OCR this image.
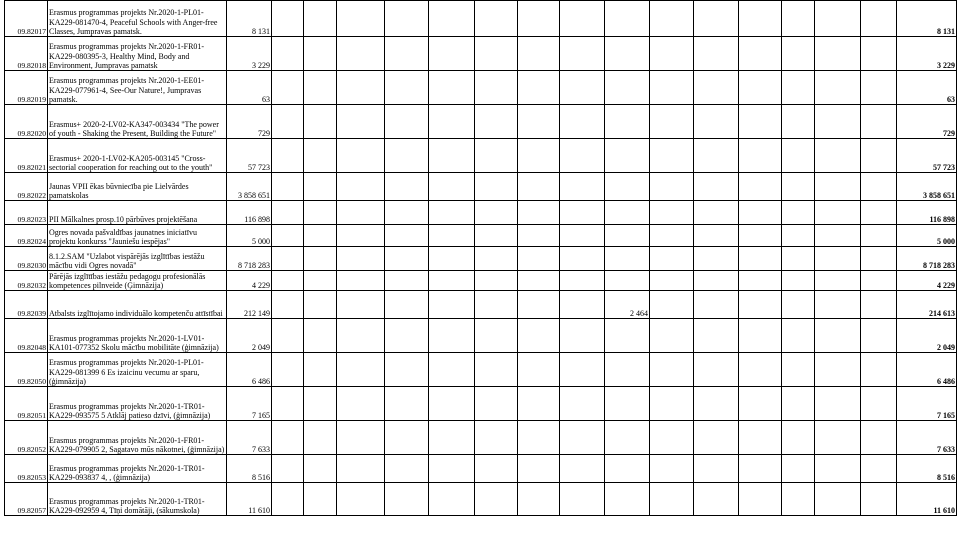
09.82017	Erasmus programmas projekts Nr.2020-1-PL01-KA229-081470-4, Peaceful Schools with Anger-free Classes, Jumpravas pamatsk.	8 131																8 131
09.82018	Erasmus programmas projekts Nr.2020-1-FR01-KA229-080395-3, Healthy Mind, Body and Environment, Jumpravas pamatsk	3 229																3 229
09.82019	Erasmus programmas projekts Nr.2020-1-EE01-KA229-077961-4, See-Our Nature!, Jumpravas pamatsk.	63																63
09.82020	Erasmus+ 2020-2-LV02-KA347-003434 "The power of youth - Shaking the Present, Building the Future"	729																729
09.82021	Erasmus+ 2020-1-LV02-KA205-003145 "Cross-sectorial cooperation for reaching out to the youth"	57 723																57 723
09.82022	Jaunas VPII ēkas būvniecība pie Lielvārdes pamatskolas	3 858 651																3 858 651
09.82023	PII Mālkalnes prosp.10 pārbūves projektēšana	116 898																116 898
09.82024	Ogres novada pašvaldības jaunatnes iniciatīvu projektu konkurss "Jauniešu iespējas"	5 000																5 000
09.82030	8.1.2.SAM "Uzlabot vispārējās izglītības iestāžu mācību vidi Ogres novadā"	8 718 283																8 718 283
09.82032	Pārējās izglītības iestāžu pedagogu profesionālās kompetences pilnveide (Ģimnāzija)	4 229																4 229
09.82039	Atbalsts izglītojamo individuālo kompetenču attīstībai	212 149									2 464							214 613
09.82048	Erasmus programmas projekts Nr.2020-1-LV01-KA101-077352 Skolu mācību mobilitāte (ģimnāzija)	2 049																2 049
09.82050	Erasmus programmas projekts Nr.2020-1-PL01-KA229-081399 6 Es izaicinu vecumu ar sparu, (ģimnāzija)	6 486																6 486
09.82051	Erasmus programmas projekts Nr.2020-1-TR01-KA229-093575 5 Atklāj patieso dzīvi, (ģimnāzija)	7 165																7 165
09.82052	Erasmus programmas projekts Nr.2020-1-FR01-KA229-079905 2, Sagatavo mūs nākotnei, (ģimnāzija)	7 633																7 633
09.82053	Erasmus programmas projekts Nr.2020-1-TR01-KA229-093837 4, , (ģimnāzija)	8 516																8 516
09.82057	Erasmus programmas projekts Nr.2020-1-TR01-KA229-092959 4, Tīņi domātāji, (sākumskola)	11 610																11 610
